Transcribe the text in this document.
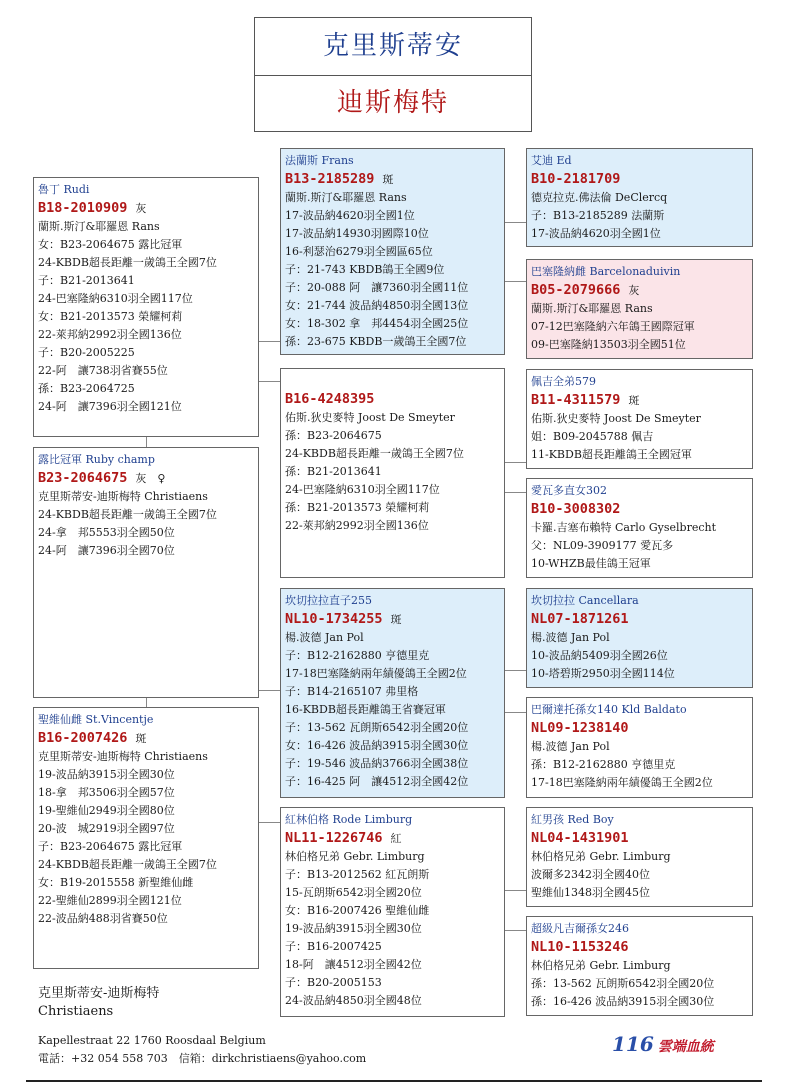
克里斯蒂安
迪斯梅特
魯丁 Rudi
B18-2010909 灰
蘭斯.斯汀&耶羅恩 Rans
女：B23-2064675 露比冠軍
24-KBDB超長距離一歲鴿王全國7位
子：B21-2013641
24-巴塞隆納6310羽全國117位
女：B21-2013573 榮耀柯莉
22-萊邦納2992羽全國136位
子：B20-2005225
22-阿　讓738羽省賽55位
孫：B23-2064725
24-阿　讓7396羽全國121位
露比冠軍 Ruby champ
B23-2064675 灰　♀
克里斯蒂安-迪斯梅特 Christiaens
24-KBDB超長距離一歲鴿王全國7位
24-拿　邦5553羽全國50位
24-阿　讓7396羽全國70位
聖維仙雌 St.Vincentje
B16-2007426 斑
克里斯蒂安-迪斯梅特 Christiaens
19-波品納3915羽全國30位
18-拿　邦3506羽全國57位
19-聖維仙2949羽全國80位
20-波　城2919羽全國97位
子：B23-2064675 露比冠軍
24-KBDB超長距離一歲鴿王全國7位
女：B19-2015558 新聖維仙雌
22-聖維仙2899羽全國121位
22-波品納488羽省賽50位
法蘭斯 Frans
B13-2185289 斑
蘭斯.斯汀&耶羅恩 Rans
17-波品納4620羽全國1位
17-波品納14930羽國際10位
16-利瑟治6279羽全國區65位
子：21-743 KBDB鴿王全國9位
子：20-088 阿　讓7360羽全國11位
女：21-744 波品納4850羽全國13位
女：18-302 拿　邦4454羽全國25位
孫：23-675 KBDB一歲鴿王全國7位
B16-4248395
佑斯.狄史麥特 Joost De Smeyter
孫：B23-2064675
24-KBDB超長距離一歲鴿王全國7位
孫：B21-2013641
24-巴塞隆納6310羽全國117位
孫：B21-2013573 榮耀柯莉
22-萊邦納2992羽全國136位
坎切拉拉直子255
NL10-1734255 斑
楊.波德 Jan Pol
子：B12-2162880 亨德里克
17-18巴塞隆納兩年績優鴿王全國2位
子：B14-2165107 弗里格
16-KBDB超長距離鴿王省賽冠軍
子：13-562 瓦朗斯6542羽全國20位
女：16-426 波品納3915羽全國30位
子：19-546 波品納3766羽全國38位
子：16-425 阿　讓4512羽全國42位
紅林伯格 Rode Limburg
NL11-1226746 紅
林伯格兄弟 Gebr. Limburg
子：B13-2012562 紅瓦朗斯
15-瓦朗斯6542羽全國20位
女：B16-2007426 聖維仙雌
19-波品納3915羽全國30位
子：B16-2007425
18-阿　讓4512羽全國42位
子：B20-2005153
24-波品納4850羽全國48位
艾迪 Ed
B10-2181709
德克拉克.佛法倫 DeClercq
子：B13-2185289 法蘭斯
17-波品納4620羽全國1位
巴塞隆納雌 Barcelonaduivin
B05-2079666 灰
蘭斯.斯汀&耶羅恩 Rans
07-12巴塞隆納六年鴿王國際冠軍
09-巴塞隆納13503羽全國51位
佩吉全弟579
B11-4311579 斑
佑斯.狄史麥特 Joost De Smeyter
姐：B09-2045788 佩吉
11-KBDB超長距離鴿王全國冠軍
愛瓦多直女302
B10-3008302
卡羅.吉塞布賴特 Carlo Gyselbrecht
父：NL09-3909177 愛瓦多
10-WHZB最佳鴿王冠軍
坎切拉拉 Cancellara
NL07-1871261
楊.波德 Jan Pol
10-波品納5409羽全國26位
10-塔碧斯2950羽全國114位
巴爾達托孫女140 Kld Baldato
NL09-1238140
楊.波德 Jan Pol
孫：B12-2162880 亨德里克
17-18巴塞隆納兩年績優鴿王全國2位
紅男孩 Red Boy
NL04-1431901
林伯格兄弟 Gebr. Limburg
波爾多2342羽全國40位
聖維仙1348羽全國45位
超級凡吉爾孫女246
NL10-1153246
林伯格兄弟 Gebr. Limburg
孫：13-562 瓦朗斯6542羽全國20位
孫：16-426 波品納3915羽全國30位
克里斯蒂安-迪斯梅特
Christiaens
Kapellestraat 22 1760 Roosdaal Belgium
電話：+32 054 558 703　信箱：dirkchristiaens@yahoo.com
116 雲端血統
